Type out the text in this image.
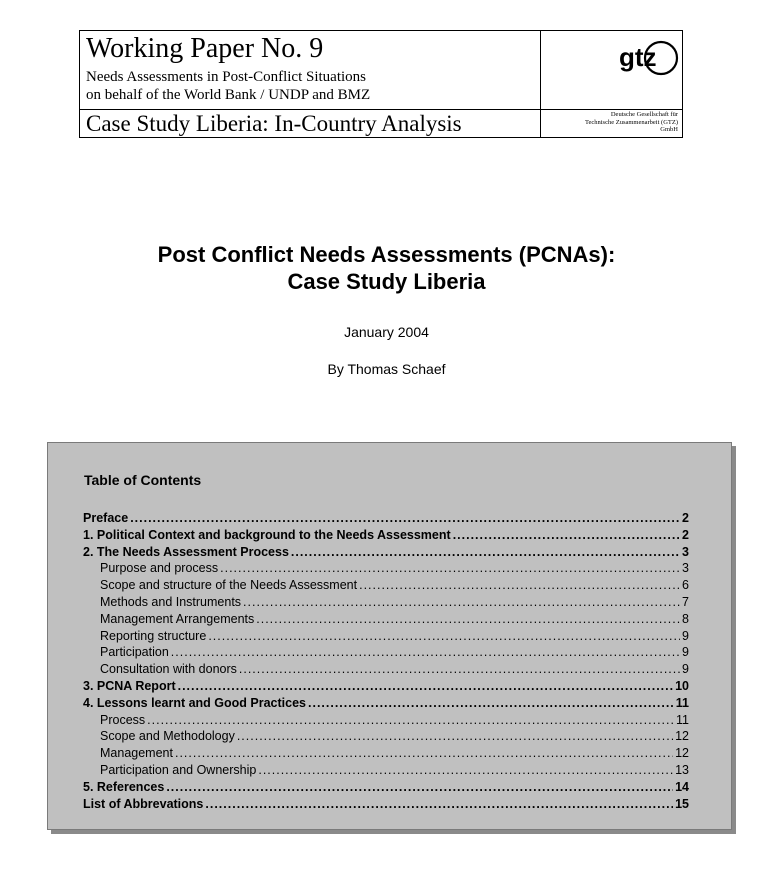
Working Paper No. 9
Needs Assessments in Post-Conflict Situations
on behalf of the World Bank / UNDP and BMZ
Case Study Liberia: In-Country Analysis
gtz
Deutsche Gesellschaft für
Technische Zusammenarbeit (GTZ)
GmbH
Post Conflict Needs Assessments (PCNAs):
Case Study Liberia
January 2004
By Thomas Schaef
Table of Contents
Preface .....	2
1. Political Context and background to the Needs Assessment .....	2
2. The Needs Assessment Process .....	3
Purpose and process .....	3
Scope and structure of the Needs Assessment .....	6
Methods and Instruments .....	7
Management Arrangements .....	8
Reporting structure .....	9
Participation .....	9
Consultation with donors .....	9
3. PCNA Report .....	10
4. Lessons learnt and Good Practices .....	11
Process .....	11
Scope and Methodology .....	12
Management .....	12
Participation and Ownership .....	13
5. References .....	14
List of Abbrevations .....	15
